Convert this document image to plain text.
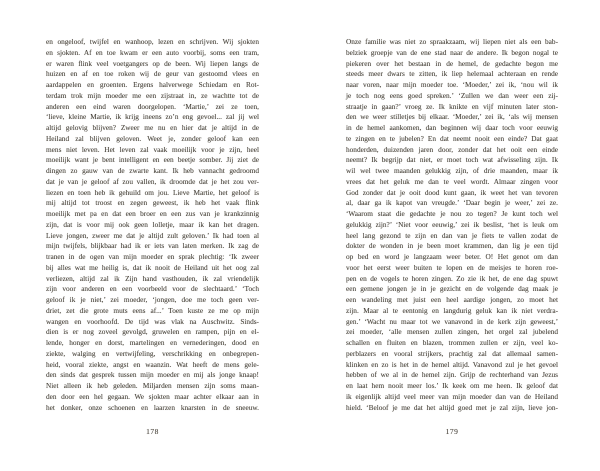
en ongeloof, twijfel en wanhoop, lezen en schrijven. Wij sjokten
en sjokten. Af en toe kwam er een auto voorbij, soms een tram,
er waren flink veel voetgangers op de been. Wij liepen langs de
huizen en af en toe roken wij de geur van gestoomd vlees en
aardappelen en groenten. Ergens halverwege Schiedam en Rot-
terdam trok mijn moeder me een zijstraat in, ze wachtte tot de
anderen een eind waren doorgelopen. ‘Martie,’ zei ze toen,
‘lieve, kleine Martie, ik krijg ineens zo’n eng gevoel... zal jij wel
altijd gelovig blijven? Zweer me nu en hier dat je altijd in de
Heiland zal blijven geloven. Weet je, zonder geloof kan een
mens niet leven. Het leven zal vaak moeilijk voor je zijn, heel
moeilijk want je bent intelligent en een beetje somber. Jij ziet de
dingen zo gauw van de zwarte kant. Ik heb vannacht gedroomd
dat je van je geloof af zou vallen, ik droomde dat je het zou ver-
liezen en toen heb ik gehuild om jou. Lieve Martie, het geloof is
mij altijd tot troost en zegen geweest, ik heb het vaak flink
moeilijk met pa en dat een broer en een zus van je krankzinnig
zijn, dat is voor mij ook geen lolletje, maar ik kan het dragen.
Lieve jongen, zweer me dat je altijd zult geloven.’ Ik had toen al
mijn twijfels, blijkbaar had ik er iets van laten merken. Ik zag de
tranen in de ogen van mijn moeder en sprak plechtig: ‘Ik zweer
bij alles wat me heilig is, dat ik nooit de Heiland uit het oog zal
verliezen, altijd zal ik Zijn hand vasthouden, ik zal vriendelijk
zijn voor anderen en een voorbeeld voor de slechtaard.’ ‘Toch
geloof ik je niet,’ zei moeder, ‘jongen, doe me toch geen ver-
driet, zet die grote muts eens af...’ Toen kuste ze me op mijn
wangen en voorhoofd. De tijd was vlak na Auschwitz. Sinds-
dien is er nog zoveel gevolgd, gruwelen en rampen, pijn en el-
lende, honger en dorst, martelingen en vernederingen, dood en
ziekte, walging en vertwijfeling, verschrikking en onbegrepen-
heid, vooral ziekte, angst en waanzin. Wat heeft de mens gele-
den sinds dat gesprek tussen mijn moeder en mij als jonge knaap!
Niet alleen ik heb geleden. Miljarden mensen zijn soms maan-
den door een hel gegaan. We sjokten maar achter elkaar aan in
het donker, onze schoenen en laarzen knarsten in de sneeuw.
178
Onze familie was niet zo spraakzaam, wij liepen niet als een bab-
belziek groepje van de ene stad naar de andere. Ik begon nogal te
piekeren over het bestaan in de hemel, de gedachte begon me
steeds meer dwars te zitten, ik liep helemaal achteraan en rende
naar voren, naar mijn moeder toe. ‘Moeder,’ zei ik, ‘nou wil ik
je toch nog eens goed spreken.’ ‘Zullen we dan weer een zij-
straatje in gaan?’ vroeg ze. Ik knikte en vijf minuten later ston-
den we weer stilletjes bij elkaar. ‘Moeder,’ zei ik, ‘als wij mensen
in de hemel aankomen, dan beginnen wij daar toch voor eeuwig
te zingen en te jubelen? En dat neemt nooit een einde? Dat gaat
honderden, duizenden jaren door, zonder dat het ooit een einde
neemt? Ik begrijp dat niet, er moet toch wat afwisseling zijn. Ik
wil wel twee maanden gelukkig zijn, of drie maanden, maar ik
vrees dat het geluk me dan te veel wordt. Almaar zingen voor
God zonder dat je ooit dood kunt gaan, ik weet het van tevoren
al, daar ga ik kapot van vreugde.’ ‘Daar begin je weer,’ zei ze.
‘Waarom staat die gedachte je nou zo tegen? Je kunt toch wel
gelukkig zijn?’ ‘Niet voor eeuwig,’ zei ik beslist, ‘het is leuk om
heel lang gezond te zijn en dan van je fiets te vallen zodat de
dokter de wonden in je been moet krammen, dan lig je een tijd
op bed en word je langzaam weer beter. O! Het genot om dan
voor het eerst weer buiten te lopen en de meisjes te horen roe-
pen en de vogels te horen zingen. Zo zie ik het, de ene dag spuwt
een gemene jongen je in je gezicht en de volgende dag maak je
een wandeling met juist een heel aardige jongen, zo moet het
zijn. Maar al te eentonig en langdurig geluk kan ik niet verdra-
gen.’ ‘Wacht nu maar tot we vanavond in de kerk zijn geweest,’
zei moeder, ‘alle mensen zullen zingen, het orgel zal jubelend
schallen en fluiten en blazen, trommen zullen er zijn, veel ko-
perblazers en vooral strijkers, prachtig zal dat allemaal samen-
klinken en zo is het in de hemel altijd. Vanavond zul je het gevoel
hebben of we al in de hemel zijn. Grijp de rechterhand van Jezus
en laat hem nooit meer los.’ Ik keek om me heen. Ik geloof dat
ik eigenlijk altijd veel meer van mijn moeder dan van de Heiland
hield. ‘Beloof je me dat het altijd goed met je zal zijn, lieve jon-
179
